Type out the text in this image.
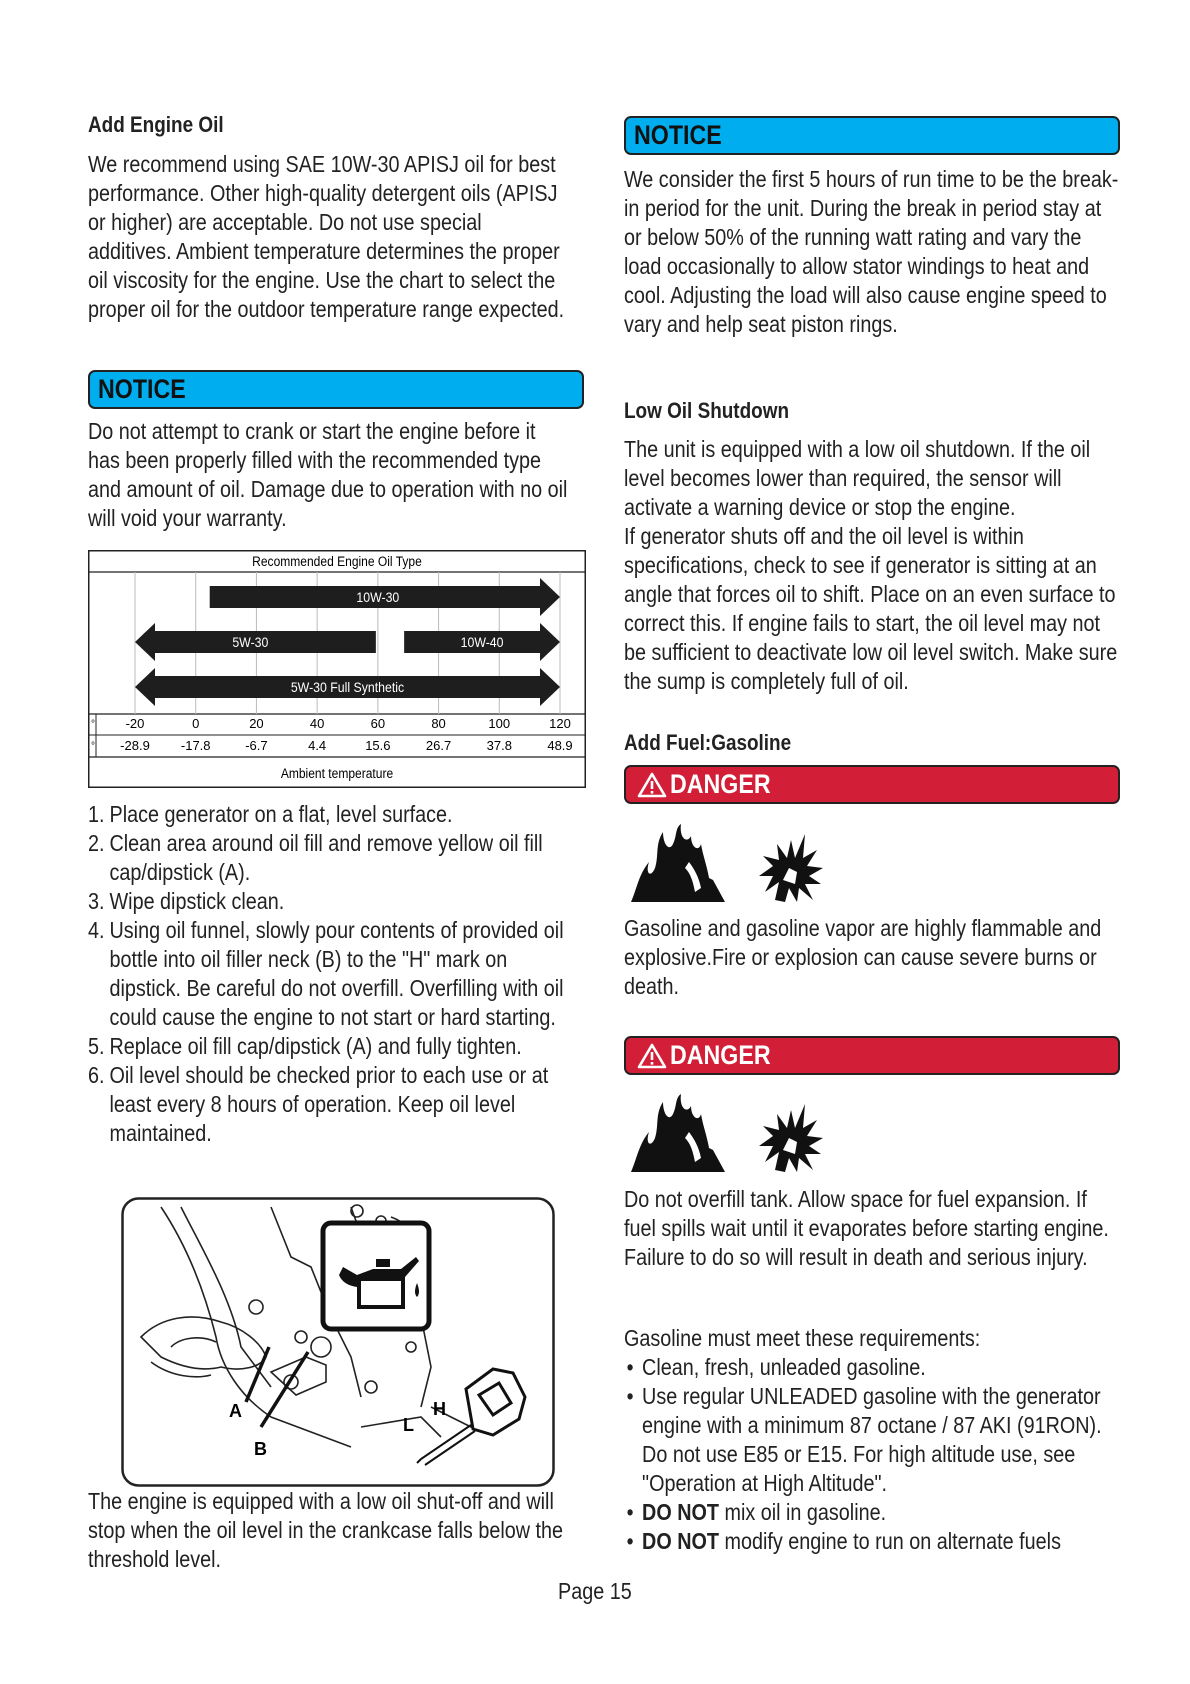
Add Engine Oil

We recommend using SAE 10W-30 APISJ oil for best performance. Other high-quality detergent oils (APISJ or higher) are acceptable. Do not use special additives. Ambient temperature determines the proper oil viscosity for the engine. Use the chart to select the proper oil for the outdoor temperature range expected.

NOTICE

Do not attempt to crank or start the engine before it has been properly filled with the recommended type and amount of oil. Damage due to operation with no oil will void your warranty.

10W-30
5W-30	10W-40
5W-30 Full Synthetic
Recommended Engine Oil Type
°
°
-20
-28.9
0
-17.8
20
-6.7
40
4.4
60
15.6
80
26.7
100
37.8
120
48.9
Ambient temperature
1. Place generator on a flat, level surface.
2. Clean area around oil fill and remove yellow oil fill cap/dipstick (A).
3. Wipe dipstick clean.
4. Using oil funnel, slowly pour contents of provided oil bottle into oil filler neck (B) to the "H" mark on dipstick. Be careful do not overfill. Overfilling with oil could cause the engine to not start or hard starting.
5. Replace oil fill cap/dipstick (A) and fully tighten.
6. Oil level should be checked prior to each use or at least every 8 hours of operation. Keep oil level maintained.
A
B
L
H

The engine is equipped with a low oil shut-off and will stop when the oil level in the crankcase falls below the threshold level.

NOTICE

We consider the first 5 hours of run time to be the break-in period for the unit. During the break in period stay at or below 50% of the running watt rating and vary the load occasionally to allow stator windings to heat and cool. Adjusting the load will also cause engine speed to vary and help seat piston rings.

Low Oil Shutdown

The unit is equipped with a low oil shutdown. If the oil level becomes lower than required, the sensor will activate a warning device or stop the engine.

If generator shuts off and the oil level is within specifications, check to see if generator is sitting at an angle that forces oil to shift. Place on an even surface to correct this. If engine fails to start, the oil level may not be sufficient to deactivate low oil level switch. Make sure the sump is completely full of oil.

Add Fuel:Gasoline
DANGER

Gasoline and gasoline vapor are highly flammable and explosive.Fire or explosion can cause severe burns or death.

DANGER

Do not overfill tank. Allow space for fuel expansion. If fuel spills wait until it evaporates before starting engine. Failure to do so will result in death and serious injury.

Gasoline must meet these requirements:

• Clean, fresh, unleaded gasoline.
• Use regular UNLEADED gasoline with the generator engine with a minimum 87 octane / 87 AKI (91RON). Do not use E85 or E15. For high altitude use, see "Operation at High Altitude".
• DO NOT mix oil in gasoline.
• DO NOT modify engine to run on alternate fuels
Page 15
